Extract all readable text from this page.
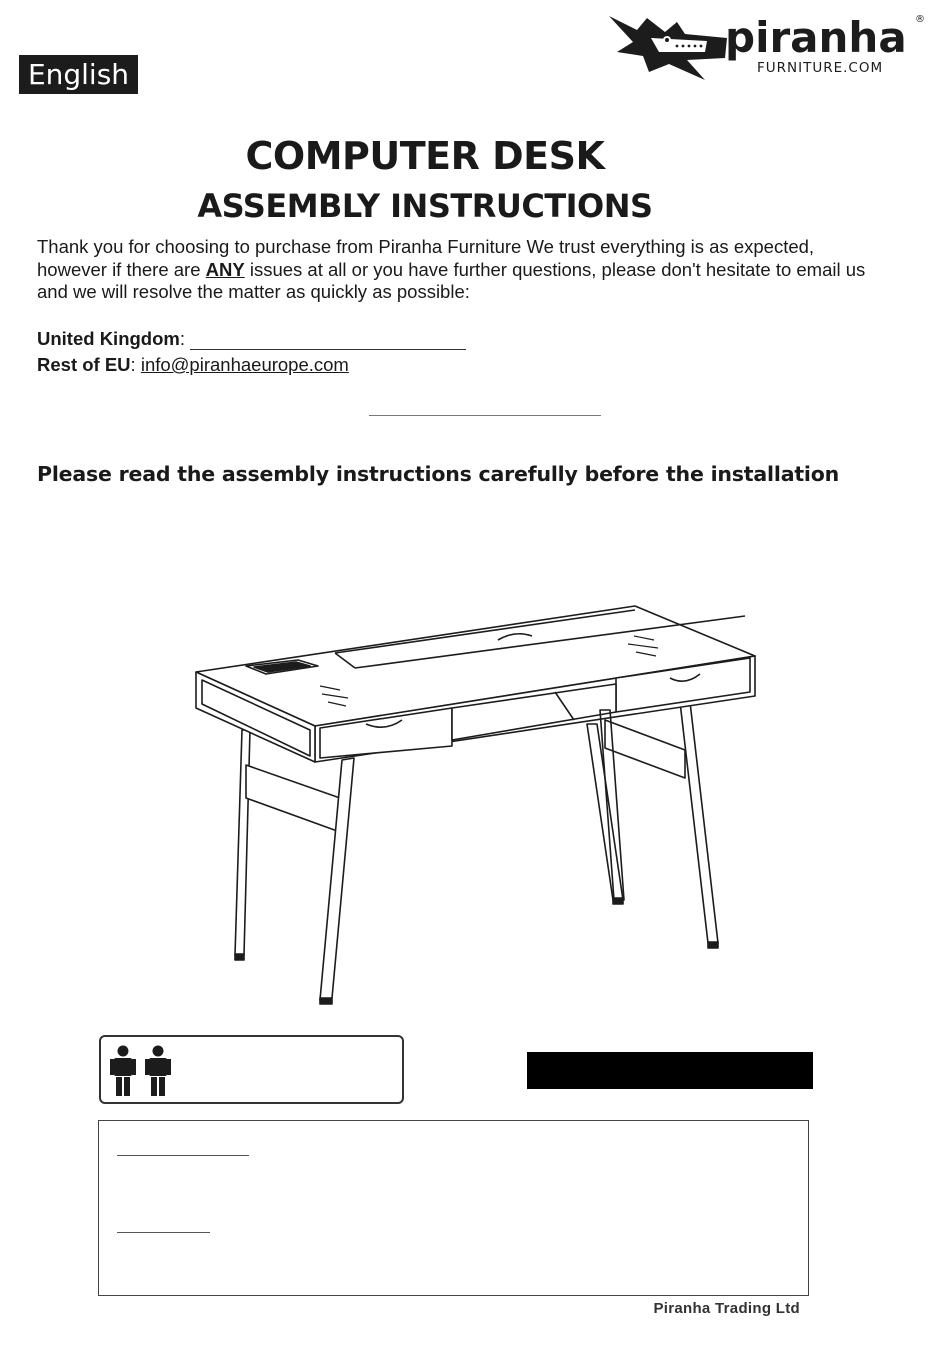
English
piranha
FURNITURE.COM
®
COMPUTER DESK
ASSEMBLY INSTRUCTIONS
Thank you for choosing to purchase from Piranha Furniture We trust everything is as expected, however if there are ANY issues at all or you have further questions, please don't hesitate to email us and we will resolve the matter as quickly as possible:
United Kingdom:
Rest of EU: info@piranhaeurope.com
Please read the assembly instructions carefully before the installation
Piranha Trading Ltd
